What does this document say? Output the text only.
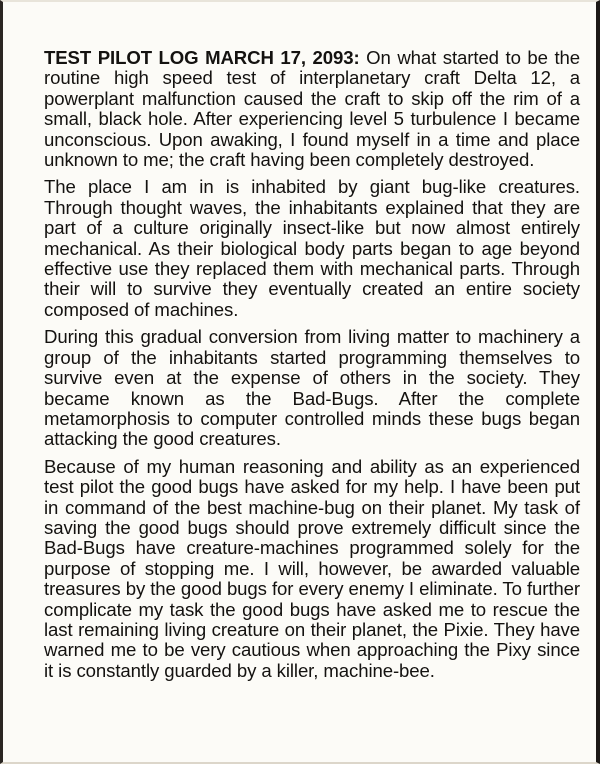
TEST PILOT LOG MARCH 17, 2093: On what started to be the routine high speed test of interplanetary craft Delta 12, a powerplant malfunction caused the craft to skip off the rim of a small, black hole. After experiencing level 5 turbulence I became unconscious. Upon awaking, I found myself in a time and place unknown to me; the craft having been completely destroyed.

The place I am in is inhabited by giant bug-like creatures. Through thought waves, the inhabitants explained that they are part of a culture originally insect-like but now almost entirely mechanical. As their biological body parts began to age beyond effective use they replaced them with mechanical parts. Through their will to survive they eventually created an entire society composed of machines.

During this gradual conversion from living matter to machinery a group of the inhabitants started programming themselves to survive even at the expense of others in the society. They became known as the Bad-Bugs. After the complete metamorphosis to computer controlled minds these bugs began attacking the good creatures.

Because of my human reasoning and ability as an experienced test pilot the good bugs have asked for my help. I have been put in command of the best machine-bug on their planet. My task of saving the good bugs should prove extremely difficult since the Bad-Bugs have creature-machines programmed solely for the purpose of stopping me. I will, however, be awarded valuable treasures by the good bugs for every enemy I eliminate. To further complicate my task the good bugs have asked me to rescue the last remaining living creature on their planet, the Pixie. They have warned me to be very cautious when approaching the Pixy since it is constantly guarded by a killer, machine-bee.
